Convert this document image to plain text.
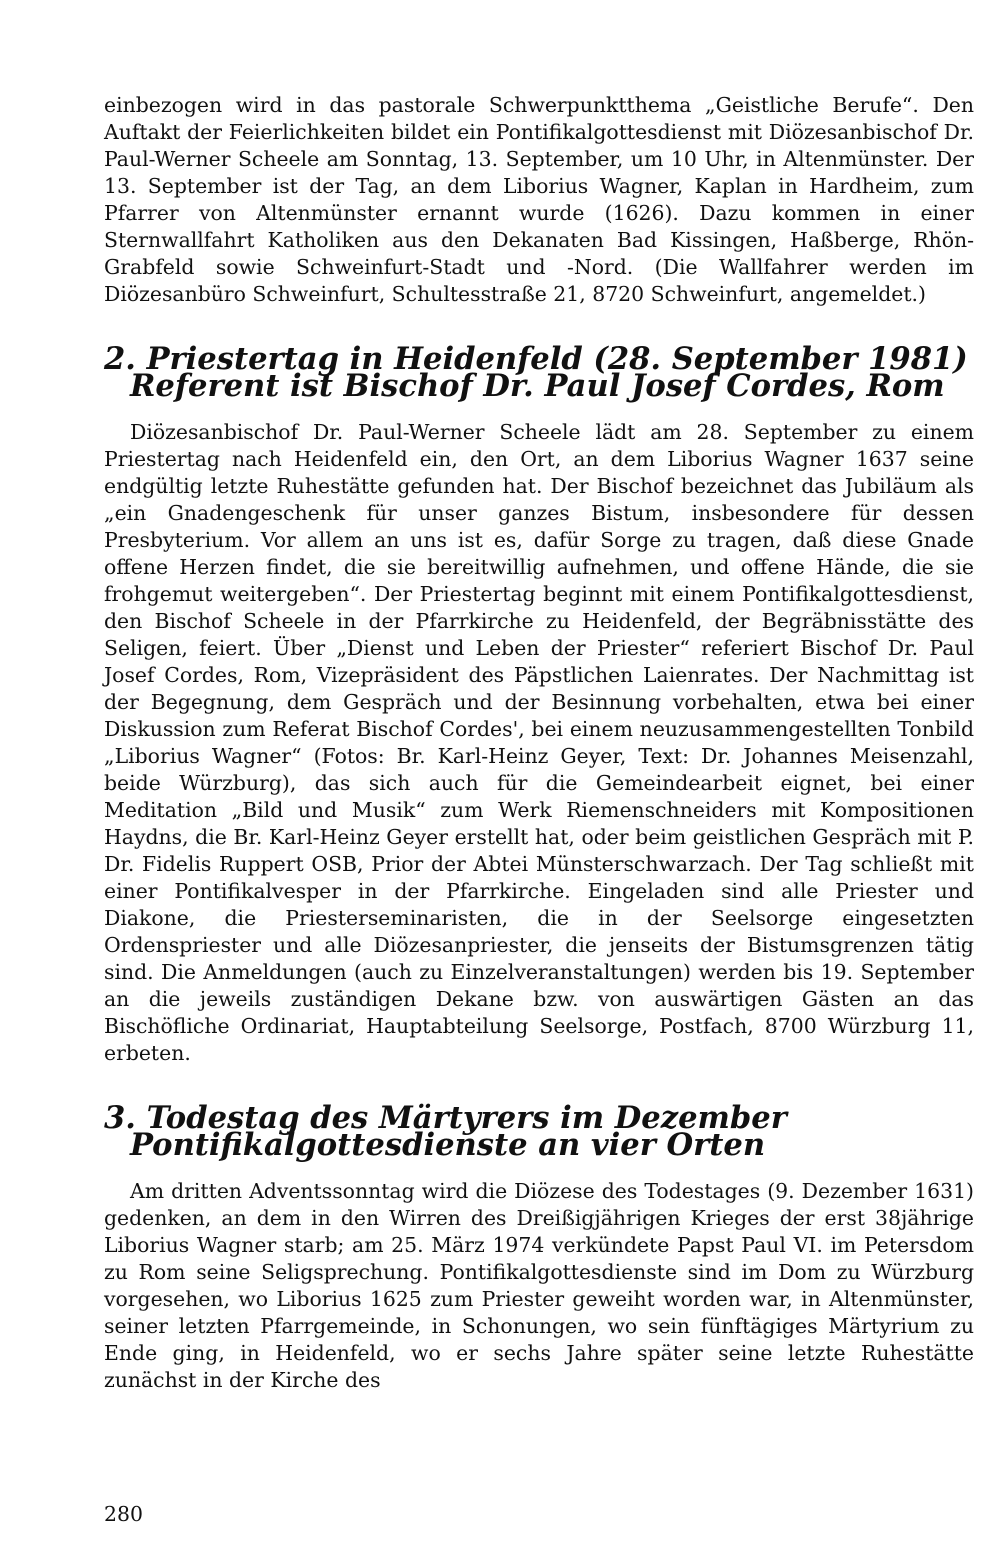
einbezogen wird in das pastorale Schwerpunktthema „Geistliche Berufe“. Den Auftakt der Feierlichkeiten bildet ein Pontifikalgottesdienst mit Diözesanbischof Dr. Paul-Werner Scheele am Sonntag, 13. September, um 10 Uhr, in Altenmünster. Der 13. September ist der Tag, an dem Liborius Wagner, Kaplan in Hardheim, zum Pfarrer von Altenmünster ernannt wurde (1626). Dazu kommen in einer Sternwallfahrt Katholiken aus den Dekanaten Bad Kissingen, Haßberge, Rhön-Grabfeld sowie Schweinfurt-Stadt und -Nord. (Die Wallfahrer werden im Diözesanbüro Schweinfurt, Schultesstraße 21, 8720 Schweinfurt, angemeldet.)

2. Priestertag in Heidenfeld (28. September 1981)
Referent ist Bischof Dr. Paul Josef Cordes, Rom

Diözesanbischof Dr. Paul-Werner Scheele lädt am 28. September zu einem Priestertag nach Heidenfeld ein, den Ort, an dem Liborius Wagner 1637 seine endgültig letzte Ruhestätte gefunden hat. Der Bischof bezeichnet das Jubiläum als „ein Gnadengeschenk für unser ganzes Bistum, insbesondere für dessen Presbyterium. Vor allem an uns ist es, dafür Sorge zu tragen, daß diese Gnade offene Herzen findet, die sie bereitwillig aufnehmen, und offene Hände, die sie frohgemut weitergeben“. Der Priestertag beginnt mit einem Pontifikalgottesdienst, den Bischof Scheele in der Pfarrkirche zu Heidenfeld, der Begräbnisstätte des Seligen, feiert. Über „Dienst und Leben der Priester“ referiert Bischof Dr. Paul Josef Cordes, Rom, Vizepräsident des Päpstlichen Laienrates. Der Nachmittag ist der Begegnung, dem Gespräch und der Besinnung vorbehalten, etwa bei einer Diskussion zum Referat Bischof Cordes', bei einem neuzusammengestellten Tonbild „Liborius Wagner“ (Fotos: Br. Karl-Heinz Geyer, Text: Dr. Johannes Meisenzahl, beide Würzburg), das sich auch für die Gemeindearbeit eignet, bei einer Meditation „Bild und Musik“ zum Werk Riemenschneiders mit Kompositionen Haydns, die Br. Karl-Heinz Geyer erstellt hat, oder beim geistlichen Gespräch mit P. Dr. Fidelis Ruppert OSB, Prior der Abtei Münsterschwarzach. Der Tag schließt mit einer Pontifikalvesper in der Pfarrkirche. Eingeladen sind alle Priester und Diakone, die Priesterseminaristen, die in der Seelsorge eingesetzten Ordenspriester und alle Diözesanpriester, die jenseits der Bistumsgrenzen tätig sind. Die Anmeldungen (auch zu Einzelveranstaltungen) werden bis 19. September an die jeweils zuständigen Dekane bzw. von auswärtigen Gästen an das Bischöfliche Ordinariat, Hauptabteilung Seelsorge, Postfach, 8700 Würzburg 11, erbeten.

3. Todestag des Märtyrers im Dezember
Pontifikalgottesdienste an vier Orten

Am dritten Adventssonntag wird die Diözese des Todestages (9. Dezember 1631) gedenken, an dem in den Wirren des Dreißigjährigen Krieges der erst 38jährige Liborius Wagner starb; am 25. März 1974 verkündete Papst Paul VI. im Petersdom zu Rom seine Seligsprechung. Pontifikalgottesdienste sind im Dom zu Würzburg vorgesehen, wo Liborius 1625 zum Priester geweiht worden war, in Altenmünster, seiner letzten Pfarrgemeinde, in Schonungen, wo sein fünftägiges Märtyrium zu Ende ging, in Heidenfeld, wo er sechs Jahre später seine letzte Ruhestätte zunächst in der Kirche des

280
